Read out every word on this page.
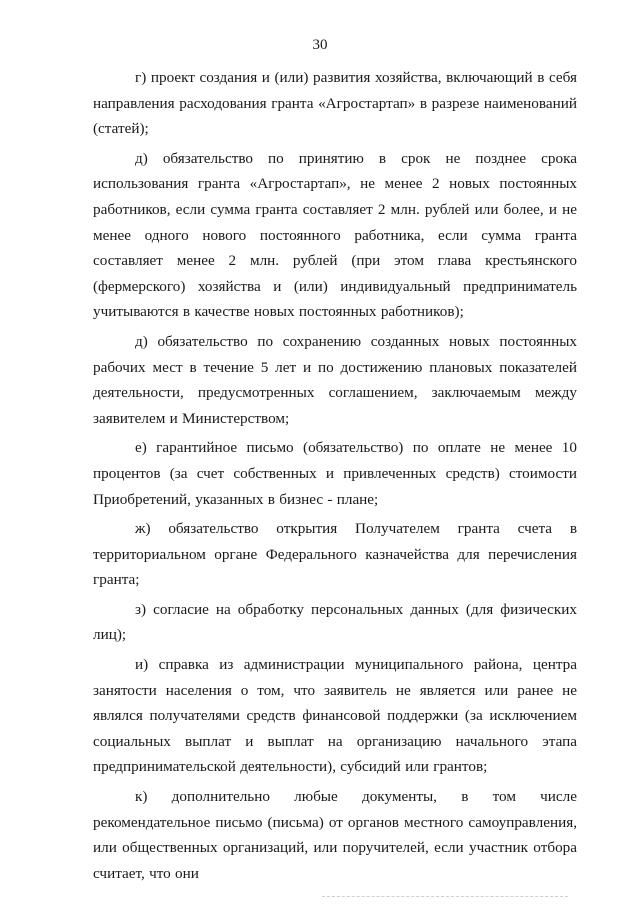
30

г) проект создания и (или) развития хозяйства, включающий в себя направления расходования гранта «Агростартап» в разрезе наименований (статей);

д) обязательство по принятию в срок не позднее срока использования гранта «Агростартап», не менее 2 новых постоянных работников, если сумма гранта составляет 2 млн. рублей или более, и не менее одного нового постоянного работника, если сумма гранта составляет менее 2 млн. рублей (при этом глава крестьянского (фермерского) хозяйства и (или) индивидуальный предприниматель учитываются в качестве новых постоянных работников);

д) обязательство по сохранению созданных новых постоянных рабочих мест в течение 5 лет и по достижению плановых показателей деятельности, предусмотренных соглашением, заключаемым между заявителем и Министерством;

е) гарантийное письмо (обязательство) по оплате не менее 10 процентов (за счет собственных и привлеченных средств) стоимости Приобретений, указанных в бизнес - плане;

ж) обязательство открытия Получателем гранта счета в территориальном органе Федерального казначейства для перечисления гранта;

з) согласие на обработку персональных данных (для физических лиц);

и) справка из администрации муниципального района, центра занятости населения о том, что заявитель не является или ранее не являлся получателями средств финансовой поддержки (за исключением социальных выплат и выплат на организацию начального этапа предпринимательской деятельности), субсидий или грантов;

к) дополнительно любые документы, в том числе рекомендательное письмо (письма) от органов местного самоуправления, или общественных организаций, или поручителей, если участник отбора считает, что они
